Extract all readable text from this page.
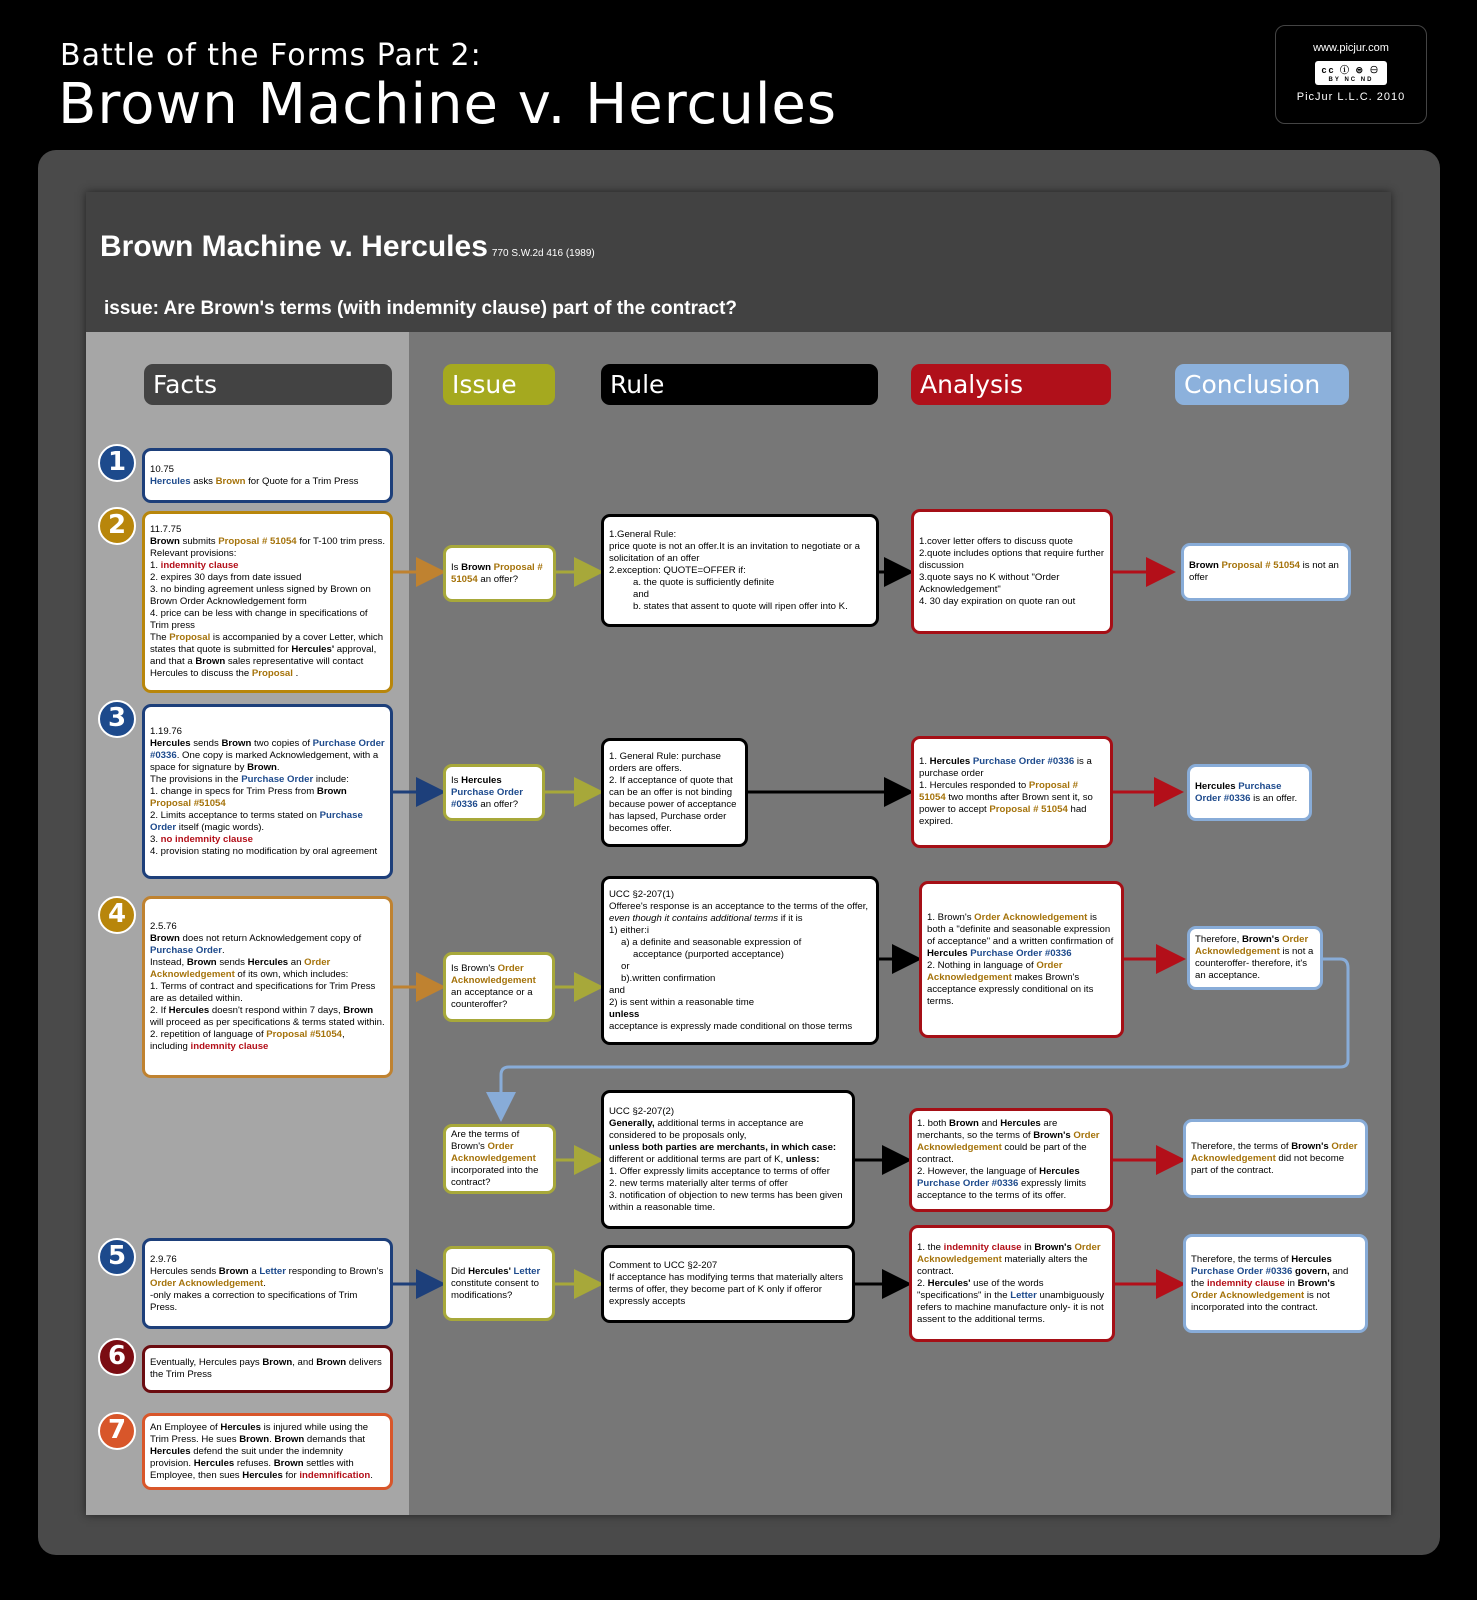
Battle of the Forms Part 2:
Brown Machine v. Hercules
www.picjur.com
cc ⓘ ⊜ ⊖
BY NC ND
PicJur L.L.C. 2010
Brown Machine v. Hercules 770 S.W.2d 416 (1989)
issue: Are Brown's terms (with indemnity clause) part of the contract?
Facts	Issue	Rule	Analysis	Conclusion
1
2
3
4
5
6
7

10.75

Hercules asks Brown for Quote for a Trim Press

11.7.75

Brown submits Proposal # 51054 for T-100 trim press. Relevant provisions:

1. indemnity clause

2. expires 30 days from date issued

3. no binding agreement unless signed by Brown on Brown Order Acknowledgement form

4. price can be less with change in specifications of Trim press

The Proposal is accompanied by a cover Letter, which states that quote is submitted for Hercules' approval, and that a Brown sales representative will contact Hercules to discuss the Proposal .

1.19.76

Hercules sends Brown two copies of Purchase Order #0336. One copy is marked Acknowledgement, with a space for signature by Brown.

The provisions in the Purchase Order include:

1. change in specs for Trim Press from Brown Proposal #51054

2. Limits acceptance to terms stated on Purchase Order itself (magic words).

3. no indemnity clause

4. provision stating no modification by oral agreement

2.5.76

Brown does not return Acknowledgement copy of Purchase Order.

Instead, Brown sends Hercules an Order Acknowledgement of its own, which includes:

1. Terms of contract and specifications for Trim Press are as detailed within.

2. If Hercules doesn't respond within 7 days, Brown will proceed as per specifications & terms stated within.

2. repetition of language of Proposal #51054,

including indemnity clause

2.9.76

Hercules sends Brown a Letter responding to Brown's Order Acknowledgement.

-only makes a correction to specifications of Trim Press.

Eventually, Hercules pays Brown, and Brown delivers the Trim Press

An Employee of Hercules is injured while using the Trim Press. He sues Brown. Brown demands that Hercules defend the suit under the indemnity provision. Hercules refuses. Brown settles with Employee, then sues Hercules for indemnification.

Is Brown Proposal # 51054 an offer?

Is Hercules Purchase Order #0336 an offer?

Is Brown's Order Acknowledgement an acceptance or a counteroffer?

Are the terms of Brown's Order Acknowledgement incorporated into the contract?

Did Hercules' Letter constitute consent to modifications?

1.General Rule:

price quote is not an offer.It is an invitation to negotiate or a solicitation of an offer

2.exception: QUOTE=OFFER if:

a. the quote is sufficiently definite

and

b. states that assent to quote will ripen offer into K.

1. General Rule: purchase orders are offers.

2. If acceptance of quote that can be an offer is not binding because power of acceptance has lapsed, Purchase order becomes offer.

UCC §2-207(1)

Offeree's response is an acceptance to the terms of the offer, even though it contains additional terms if it is

1) either:i

a) a definite and seasonable expression of

acceptance (purported acceptance)

or

b).written confirmation

and

2) is sent within a reasonable time

unless

acceptance is expressly made conditional on those terms

UCC §2-207(2)

Generally, additional terms in acceptance are considered to be proposals only,

unless both parties are merchants, in which case:

different or additional terms are part of K, unless:

1. Offer expressly limits acceptance to terms of offer

2. new terms materially alter terms of offer

3. notification of objection to new terms has been given within a reasonable time.

Comment to UCC §2-207

If acceptance has modifying terms that materially alters terms of offer, they become part of K only if offeror expressly accepts

1.cover letter offers to discuss quote

2.quote includes options that require further discussion

3.quote says no K without "Order Acknowledgement"

4. 30 day expiration on quote ran out

1. Hercules Purchase Order #0336 is a purchase order

1. Hercules responded to Proposal # 51054 two months after Brown sent it, so power to accept Proposal # 51054 had expired.

1. Brown's Order Acknowledgement is both a "definite and seasonable expression of acceptance" and a written confirmation of Hercules Purchase Order #0336

2. Nothing in language of Order Acknowledgement makes Brown's acceptance expressly conditional on its terms.

1. both Brown and Hercules are merchants, so the terms of Brown's Order Acknowledgement could be part of the contract.

2. However, the language of Hercules Purchase Order #0336 expressly limits acceptance to the terms of its offer.

1. the indemnity clause in Brown's Order Acknowledgement materially alters the contract.

2. Hercules' use of the words "specifications" in the Letter unambiguously refers to machine manufacture only- it is not assent to the additional terms.

Brown Proposal # 51054 is not an offer

Hercules Purchase Order #0336 is an offer.

Therefore, Brown's Order Acknowledgement is not a counteroffer- therefore, it's an acceptance.

Therefore, the terms of Brown's Order Acknowledgement did not become part of the contract.

Therefore, the terms of Hercules Purchase Order #0336 govern, and the indemnity clause in Brown's Order Acknowledgement is not incorporated into the contract.
